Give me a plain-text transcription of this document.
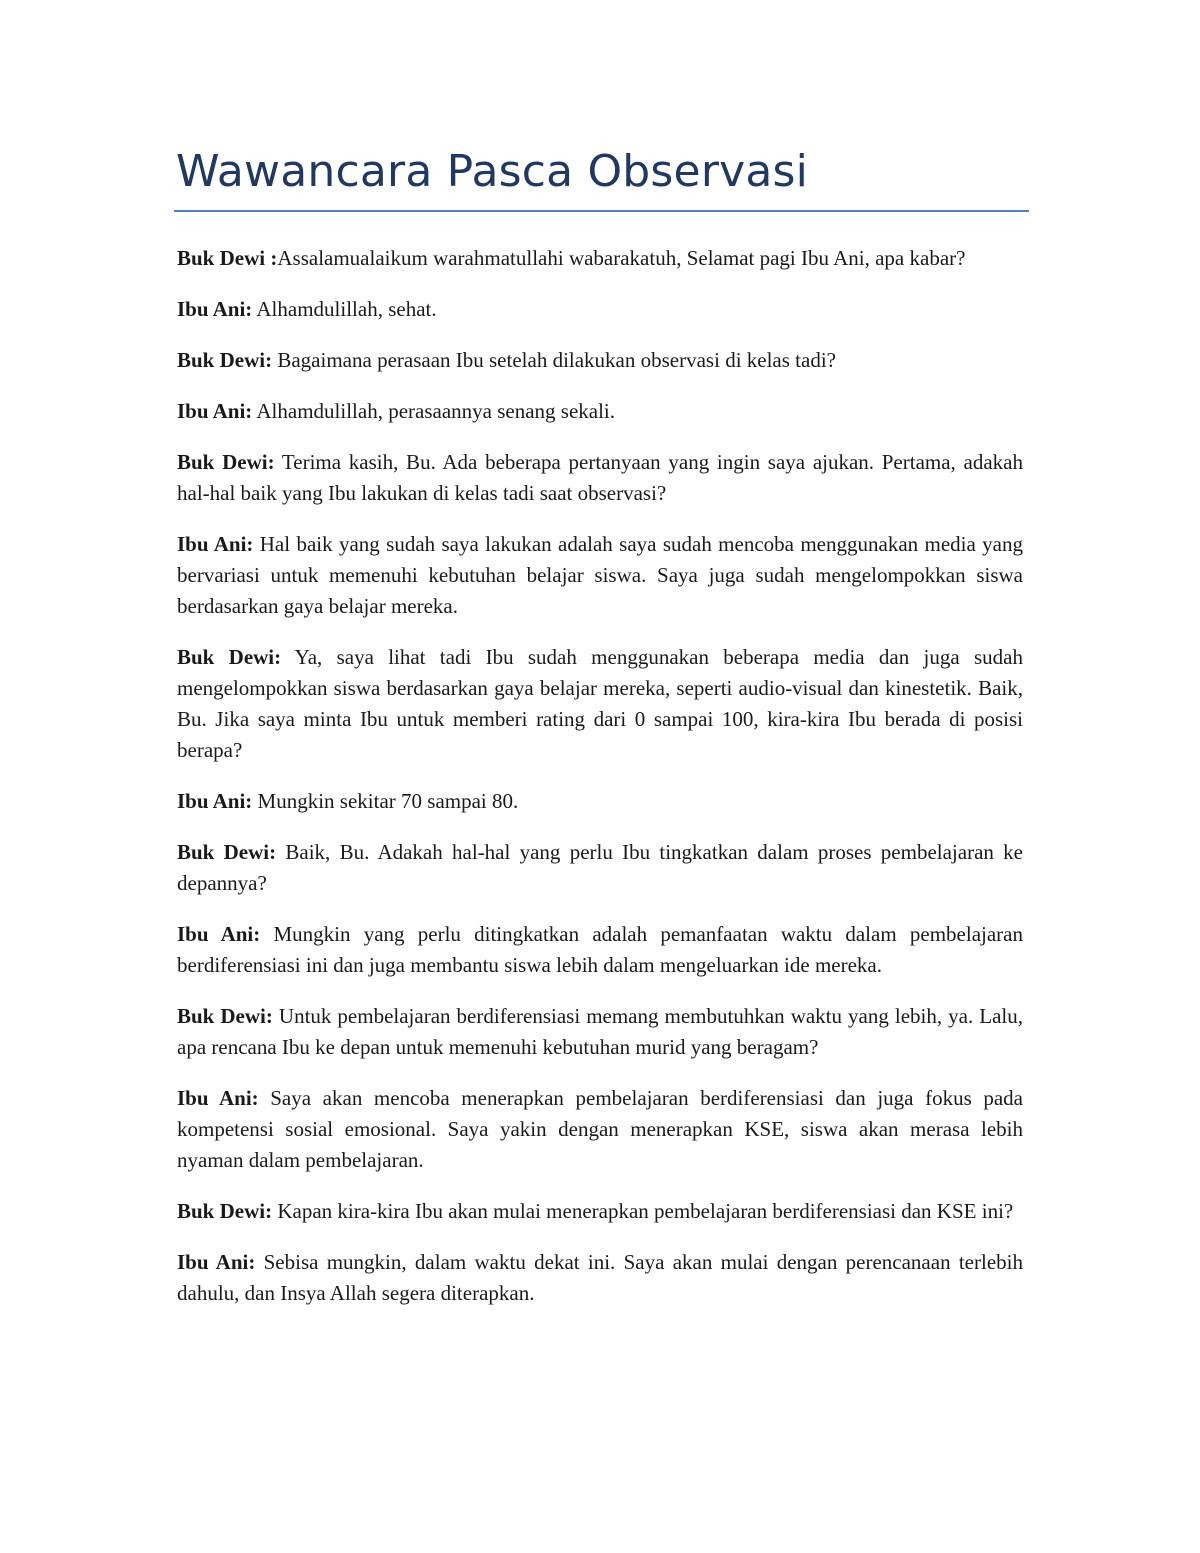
Wawancara Pasca Observasi

Buk Dewi :Assalamualaikum warahmatullahi wabarakatuh, Selamat pagi Ibu Ani, apa kabar?

Ibu Ani: Alhamdulillah, sehat.

Buk Dewi: Bagaimana perasaan Ibu setelah dilakukan observasi di kelas tadi?

Ibu Ani: Alhamdulillah, perasaannya senang sekali.

Buk Dewi: Terima kasih, Bu. Ada beberapa pertanyaan yang ingin saya ajukan. Pertama, adakah hal-hal baik yang Ibu lakukan di kelas tadi saat observasi?

Ibu Ani: Hal baik yang sudah saya lakukan adalah saya sudah mencoba menggunakan media yang bervariasi untuk memenuhi kebutuhan belajar siswa. Saya juga sudah mengelompokkan siswa berdasarkan gaya belajar mereka.

Buk Dewi: Ya, saya lihat tadi Ibu sudah menggunakan beberapa media dan juga sudah mengelompokkan siswa berdasarkan gaya belajar mereka, seperti audio-visual dan kinestetik. Baik, Bu. Jika saya minta Ibu untuk memberi rating dari 0 sampai 100, kira-kira Ibu berada di posisi berapa?

Ibu Ani: Mungkin sekitar 70 sampai 80.

Buk Dewi: Baik, Bu. Adakah hal-hal yang perlu Ibu tingkatkan dalam proses pembelajaran ke depannya?

Ibu Ani: Mungkin yang perlu ditingkatkan adalah pemanfaatan waktu dalam pembelajaran berdiferensiasi ini dan juga membantu siswa lebih dalam mengeluarkan ide mereka.

Buk Dewi: Untuk pembelajaran berdiferensiasi memang membutuhkan waktu yang lebih, ya. Lalu, apa rencana Ibu ke depan untuk memenuhi kebutuhan murid yang beragam?

Ibu Ani: Saya akan mencoba menerapkan pembelajaran berdiferensiasi dan juga fokus pada kompetensi sosial emosional. Saya yakin dengan menerapkan KSE, siswa akan merasa lebih nyaman dalam pembelajaran.

Buk Dewi: Kapan kira-kira Ibu akan mulai menerapkan pembelajaran berdiferensiasi dan KSE ini?

Ibu Ani: Sebisa mungkin, dalam waktu dekat ini. Saya akan mulai dengan perencanaan terlebih dahulu, dan Insya Allah segera diterapkan.
